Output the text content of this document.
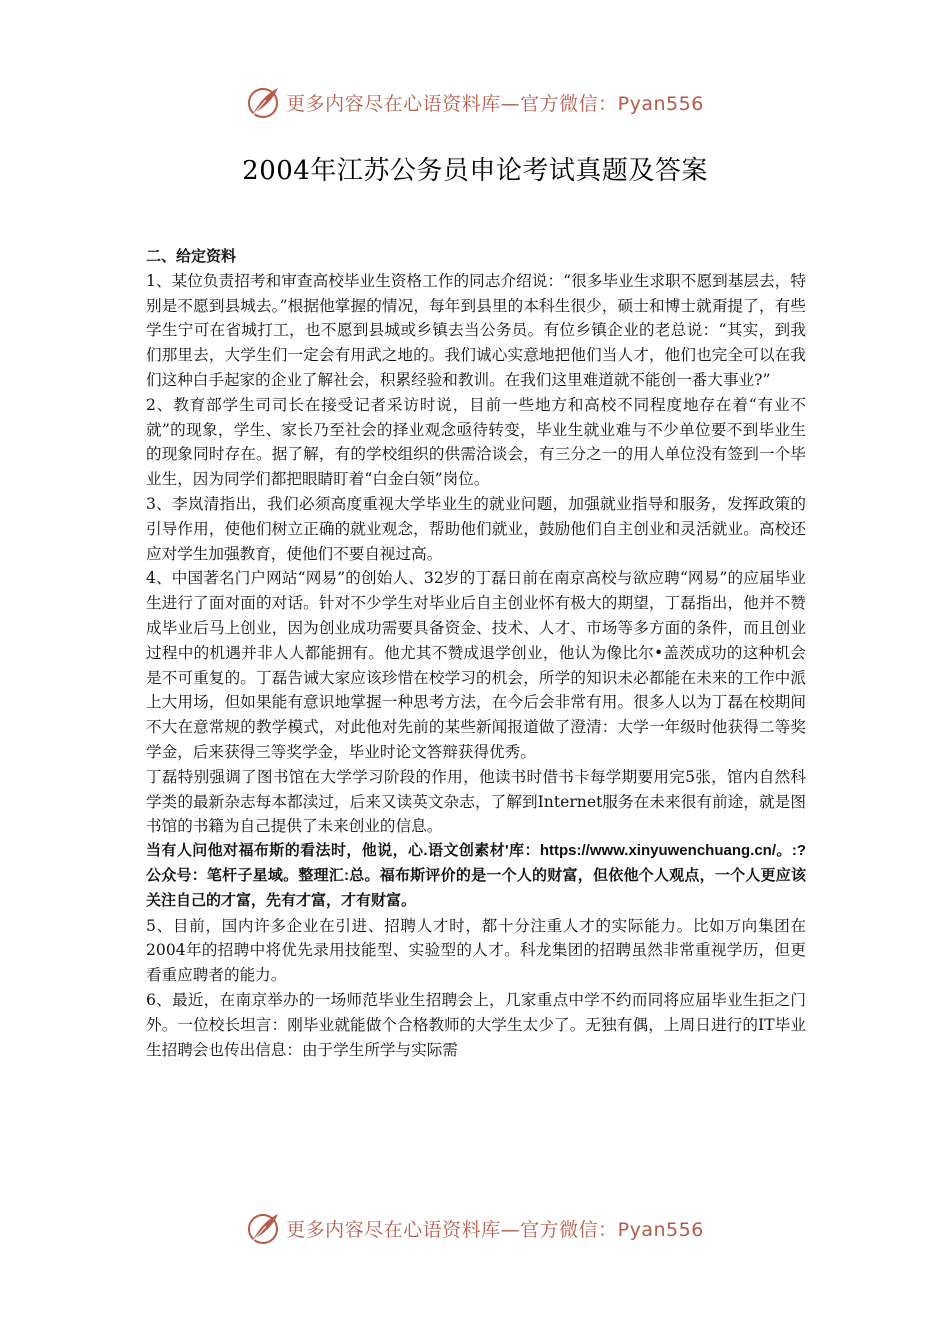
更多内容尽在心语资料库—官方微信：Pyan556
2004年江苏公务员申论考试真题及答案

二、给定资料

1、某位负责招考和审查高校毕业生资格工作的同志介绍说：“很多毕业生求职不愿到基层去，特别是不愿到县城去。”根据他掌握的情况，每年到县里的本科生很少，硕士和博士就甭提了，有些学生宁可在省城打工，也不愿到县城或乡镇去当公务员。有位乡镇企业的老总说：“其实，到我们那里去，大学生们一定会有用武之地的。我们诚心实意地把他们当人才，他们也完全可以在我们这种白手起家的企业了解社会，积累经验和教训。在我们这里难道就不能创一番大事业?”

2、教育部学生司司长在接受记者采访时说，目前一些地方和高校不同程度地存在着“有业不就”的现象，学生、家长乃至社会的择业观念亟待转变，毕业生就业难与不少单位要不到毕业生的现象同时存在。据了解，有的学校组织的供需洽谈会，有三分之一的用人单位没有签到一个毕业生，因为同学们都把眼睛盯着“白金白领”岗位。

3、李岚清指出，我们必须高度重视大学毕业生的就业问题，加强就业指导和服务，发挥政策的引导作用，使他们树立正确的就业观念，帮助他们就业，鼓励他们自主创业和灵活就业。高校还应对学生加强教育，使他们不要自视过高。

4、中国著名门户网站“网易”的创始人、32岁的丁磊日前在南京高校与欲应聘“网易”的应届毕业生进行了面对面的对话。针对不少学生对毕业后自主创业怀有极大的期望，丁磊指出，他并不赞成毕业后马上创业，因为创业成功需要具备资金、技术、人才、市场等多方面的条件，而且创业过程中的机遇并非人人都能拥有。他尤其不赞成退学创业，他认为像比尔•盖茨成功的这种机会是不可重复的。丁磊告诫大家应该珍惜在校学习的机会，所学的知识未必都能在未来的工作中派上大用场，但如果能有意识地掌握一种思考方法，在今后会非常有用。很多人以为丁磊在校期间不大在意常规的教学模式，对此他对先前的某些新闻报道做了澄清：大学一年级时他获得二等奖学金，后来获得三等奖学金，毕业时论文答辩获得优秀。

丁磊特别强调了图书馆在大学学习阶段的作用，他读书时借书卡每学期要用完5张，馆内自然科学类的最新杂志每本都渎过，后来又读英文杂志，了解到Internet服务在未来很有前途，就是图书馆的书籍为自己提供了未来创业的信息。

当有人问他对福布斯的看法时，他说，心.语文创素材'库：https://www.xinyuwenchuang.cn/。:?公众号：笔杆子星域。整理汇:总。福布斯评价的是一个人的财富，但依他个人观点，一个人更应该关注自己的才富，先有才富，才有财富。

5、目前，国内许多企业在引进、招聘人才时，都十分注重人才的实际能力。比如万向集团在2004年的招聘中将优先录用技能型、实验型的人才。科龙集团的招聘虽然非常重视学历，但更看重应聘者的能力。

6、最近，在南京举办的一场师范毕业生招聘会上，几家重点中学不约而同将应届毕业生拒之门外。一位校长坦言：刚毕业就能做个合格教师的大学生太少了。无独有偶，上周日进行的IT毕业生招聘会也传出信息：由于学生所学与实际需

更多内容尽在心语资料库—官方微信：Pyan556
